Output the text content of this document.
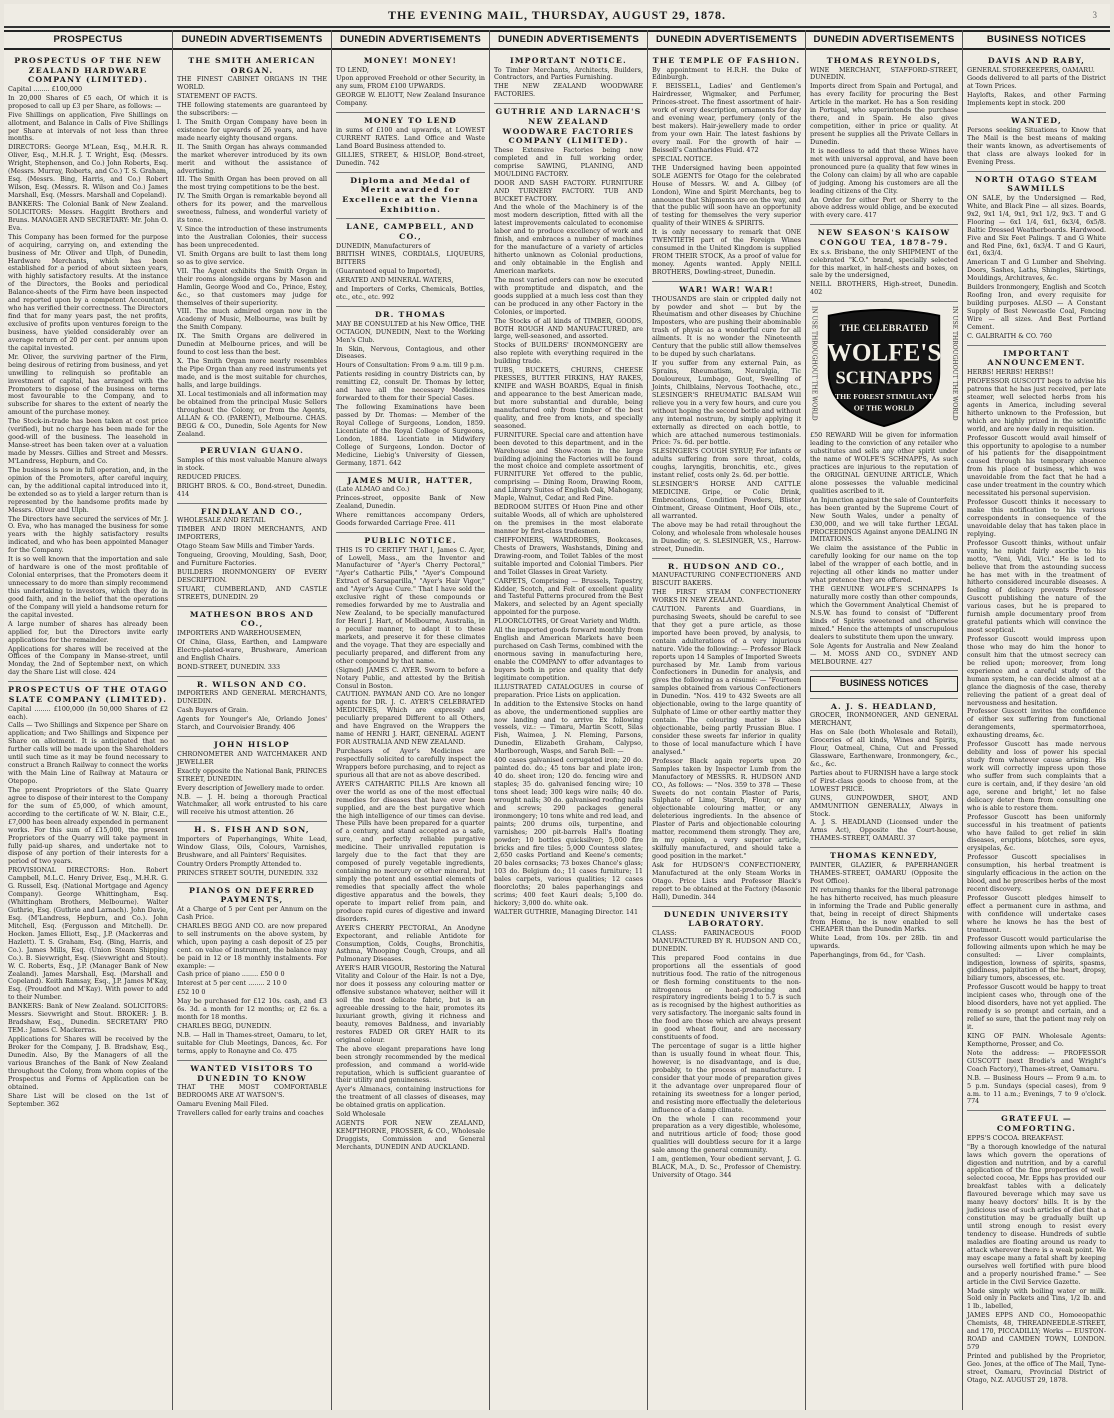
THE EVENING MAIL, THURSDAY, AUGUST 29, 1878.	3
PROSPECTUS
PROSPECTUS OF THE NEW ZEALAND HARDWARE COMPANY (LIMITED).
Capital ........ £100,000
In 20,000 Shares of £5 each, Of which it is proposed to call up £3 per Share, as follows: —
Five Shillings on application, Five Shillings on allotment, and Balance in Calls of Five Shillings per Share at intervals of not less than three months.
DIRECTORS: George M'Lean, Esq., M.H.R. R. Oliver, Esq., M.H.R. J. T. Wright, Esq. (Messrs. Wright, Stephenson, and Co.) John Roberts, Esq. (Messrs. Murray, Roberts, and Co.) T. S. Graham, Esq. (Messrs. Bing, Harris, and Co.) Robert Wilson, Esq. (Messrs. R. Wilson and Co.) James Marshall, Esq. (Messrs. Marshall and Copeland).
BANKERS: The Colonial Bank of New Zealand. SOLICITORS: Messrs. Haggitt Brothers and Bruns. MANAGER AND SECRETARY: Mr. John O. Eva.
This Company has been formed for the purpose of acquiring, carrying on, and extending the business of Mr. Oliver and Ulph, of Dunedin, Hardware Merchants, which has been established for a period of about sixteen years, with highly satisfactory results. At the instance of the Directors, the Books and periodical Balance-sheets of the Firm have been inspected and reported upon by a competent Accountant, who has verified their correctness. The Directors find that for many years past, the net profits, exclusive of profits upon ventures foreign to the business, have yielded considerably over an average return of 20 per cent. per annum upon the capital invested.
Mr. Oliver, the surviving partner of the Firm, being desirous of retiring from business, and yet unwilling to relinquish so profitable an investment of capital, has arranged with the Promoters to dispose of the business on terms most favourable to the Company, and to subscribe for shares to the extent of nearly the amount of the purchase money.
The Stock-in-trade has been taken at cost price (verified), but no charge has been made for the good-will of the business. The leasehold in Manse-street has been taken over at a valuation made by Messrs. Gillies and Street and Messrs. M'Landress, Hepburn, and Co.
The business is now in full operation, and, in the opinion of the Promoters, after careful inquiry, can, by the additional capital introduced into it, be extended so as to yield a larger return than is represented by the handsome profits made by Messrs. Oliver and Ulph.
The Directors have secured the services of Mr. J. O. Eva, who has managed the business for some years with the highly satisfactory results indicated, and who has been appointed Manager for the Company.
It is so well known that the importation and sale of hardware is one of the most profitable of Colonial enterprises, that the Promoters deem it unnecessary to do more than simply recommend this undertaking to investors, which they do in good faith, and in the belief that the operations of the Company will yield a handsome return for the capital invested.
A large number of shares has already been applied for, but the Directors invite early applications for the remainder.
Applications for shares will be received at the Offices of the Company in Manse-street, until Monday, the 2nd of September next, on which day the Share List will close. 424
PROSPECTUS OF THE OTAGO SLATE COMPANY (LIMITED).
Capital ........ £100,000 (In 50,000 Shares of £2 each).
Calls — Two Shillings and Sixpence per Share on application; and Two Shillings and Sixpence per Share on allotment. It is anticipated that no further calls will be made upon the Shareholders until such time as it may be found necessary to construct a Branch Railway to connect the works with the Main Line of Railway at Mataura or Otepopo.
The present Proprietors of the Slate Quarry agree to dispose of their interest to the Company for the sum of £5,000, of which amount, according to the certificate of W. N. Blair, C.E., £7,000 has been already expended in permanent works. For this sum of £15,000, the present Proprietors of the Quarry will take payment in fully paid-up shares, and undertake not to dispose of any portion of their interests for a period of two years.
PROVISIONAL DIRECTORS: Hon. Robert Campbell, M.L.C. Henry Driver, Esq., M.H.R. G. G. Russell, Esq. (National Mortgage and Agency Company). George Whittingham, Esq. (Whittingham Brothers, Melbourne). Walter Guthrie, Esq. (Guthrie and Larnach). John Davie, Esq. (M'Landress, Hepburn, and Co.). John Mitchell, Esq. (Fergusson and Mitchell). Dr. Hocken. James Elliott, Esq., J.P. (Mackerras and Hazlett). T. S. Graham, Esq. (Bing, Harris, and Co.). James Mills, Esq. (Union Steam Shipping Co.). B. Sievwright, Esq. (Sievwright and Stout). W. C. Roberts, Esq., J.P. (Manager Bank of New Zealand). James Marshall, Esq. (Marshall and Copeland). Keith Ramsay, Esq., J.P. James M'Kay, Esq. (Proudfoot and M'Kay). With power to add to their Number.
BANKERS: Bank of New Zealand. SOLICITORS: Messrs. Sievwright and Stout. BROKER: J. B. Bradshaw, Esq., Dunedin. SECRETARY PRO TEM.: James C. Mackerras.
Applications for Shares will be received by the Broker for the Company, J. B. Bradshaw, Esq., Dunedin. Also, By the Managers of all the various Branches of the Bank of New Zealand throughout the Colony, from whom copies of the Prospectus and Forms of Application can be obtained.
Share List will be closed on the 1st of September. 362
DUNEDIN ADVERTISEMENTS
THE SMITH AMERICAN ORGAN.
THE FINEST CABINET ORGANS IN THE WORLD.
STATEMENT OF FACTS.
THE following statements are guaranteed by the subscribers: —
I. The Smith Organ Company have been in existence for upwards of 26 years, and have made nearly eighty thousand organs.
II. The Smith Organ has always commanded the market wherever introduced by its own merit and without the assistance of advertising.
III. The Smith Organ has been proved on all the most trying competitions to be the best.
IV. The Smith Organ is remarkable beyond all others for its power, and the marvellous sweetness, fulness, and wonderful variety of its tone.
V. Since the introduction of these instruments into the Australian Colonies, their success has been unprecedented.
VI. Smith Organs are built to last them long so as to give service.
VII. The Agent exhibits the Smith Organ in their rooms alongside organs by Mason and Hamlin, George Wood and Co., Prince, Estey, &c., so that customers may judge for themselves of their superiority.
VIII. The much admired organ now in the Academy of Music, Melbourne, was built by the Smith Company.
IX. The Smith Organs are delivered in Dunedin at Melbourne prices, and will be found to cost less than the best.
X. The Smith Organ more nearly resembles the Pipe Organ than any reed instruments yet made, and is the most suitable for churches, halls, and large buildings.
XI. Local testimonials and all information may be obtained from the principal Music Sellers throughout the Colony, or from the Agents, ALLAN & CO. (PARENT), Melbourne. CHAS. BEGG & CO., Dunedin, Sole Agents for New Zealand.
PERUVIAN GUANO.
Samples of this most valuable Manure always in stock.
REDUCED PRICES.
BRIGHT BROS. & CO., Bond-street, Dunedin. 414
FINDLAY AND CO.,
WHOLESALE AND RETAIL
TIMBER AND IRON MERCHANTS, AND IMPORTERS,
Otago Steam Saw Mills and Timber Yards.
Tongueing, Grooving, Moulding, Sash, Door, and Furniture Factories.
BUILDERS IRONMONGERY OF EVERY DESCRIPTION.
STUART, CUMBERLAND, AND CASTLE STREETS, DUNEDIN. 29
MATHESON BROS AND CO.,
IMPORTERS AND WAREHOUSEMEN,
Of China, Glass, Earthen, and Lampware Electro-plated-ware, Brushware, American and English Chairs.
BOND-STREET, DUNEDIN. 333
R. WILSON AND CO.
IMPORTERS AND GENERAL MERCHANTS, DUNEDIN.
Cash Buyers of Grain.
Agents for Younger's Ale, Orlando Jones' Starch, and Courvoisier Brandy. 406
JOHN HISLOP
CHRONOMETER AND WATCHMAKER AND JEWELLER
Exactly opposite the National Bank, PRINCES STREET, DUNEDIN.
Every description of Jewellery made to order.
N.B. — J. H. being a thorough Practical Watchmaker, all work entrusted to his care will receive his utmost attention. 26
H. S. FISH AND SON,
Importers of Paperhangings, White Lead, Window Glass, Oils, Colours, Varnishes, Brushware, and all Painters' Requisites.
Country Orders Promptly Attended to.
PRINCES STREET SOUTH, DUNEDIN. 332
PIANOS ON DEFERRED PAYMENTS,
At a Charge of 5 per Cent per Annum on the Cash Price.
CHARLES BEGG AND CO. are now prepared to sell instruments on the above system, by which, upon paying a cash deposit of 25 per cent. on value of instrument, the balance may be paid in 12 or 18 monthly instalments. For example: —
Cash price of piano ........ £50 0 0
Interest at 5 per cent ........ 2 10 0
£52 10 0
May be purchased for £12 10s. cash, and £3 6s. 3d. a month for 12 months; or, £2 6s. a month for 18 months.
CHARLES BEGG, DUNEDIN.
N.B. — Hall in Thames-street, Oamaru, to let, suitable for Club Meetings, Dances, &c. For terms, apply to Ronayne and Co. 475
WANTED VISITORS TO DUNEDIN TO KNOW
THAT THE MOST COMFORTABLE BEDROOMS ARE AT WATSON'S.
Oamaru Evening Mail Filed.
Travellers called for early trains and coaches
DUNEDIN ADVERTISEMENTS
MONEY! MONEY!
TO LEND,
Upon approved Freehold or other Security, in any sum, FROM £100 UPWARDS.
GEORGE W. ELIOTT, New Zealand Insurance Company.
MONEY TO LEND
in sums of £100 and upwards, at LOWEST CURRENT RATES. Land Office and Waste Land Board Business attended to.
GILLIES, STREET, & HISLOP, Bond-street, Dunedin. 742
Diploma and Medal of Merit awarded for Excellence at the Vienna Exhibition.
LANE, CAMPBELL, AND CO.,
DUNEDIN, Manufacturers of
BRITISH WINES, CORDIALS, LIQUEURS, BITTERS
(Guaranteed equal to Imported),
AERATED AND MINERAL WATERS,
and Importers of Corks, Chemicals, Bottles, etc., etc., etc. 992
DR. THOMAS
MAY BE CONSULTED at his New Office, THE OCTAGON, DUNEDIN, Next to the Working Men's Club.
In Skin, Nervous, Contagious, and other Diseases.
Hours of Consultation: From 9 a.m. till 9 p.m.
Patients residing in country Districts can, by remitting £2, consult Dr. Thomas by letter, and have all the necessary Medicines forwarded to them for their Special Cases.
The following Examinations have been passed by Dr. Thomas: — Member of the Royal College of Surgeons, London, 1859. Licentiate of the Royal College of Surgeons, London, 1884. Licentiate in Midwifery College of Surgeons, London. Doctor of Medicine, Liebig's University of Giessen, Germany, 1871. 642
JAMES MUIR, HATTER,
(Late ALMAO and Co.)
Princes-street, opposite Bank of New Zealand, Dunedin.
Where remittances accompany Orders, Goods forwarded Carriage Free. 411
PUBLIC NOTICE.
THIS IS TO CERTIFY THAT I, James C. Ayer, of Lowell, Mass., am the Inventor and Manufacturer of "Ayer's Cherry Pectoral," "Ayer's Cathartic Pills," "Ayer's Compound Extract of Sarsaparilla," "Ayer's Hair Vigor," and "Ayer's Ague Cure." That I have sold the exclusive right of these compounds or remedies forwarded by me to Australia and New Zealand, to be specially manufactured for Henri J. Hart, of Melbourne, Australia, in a peculiar manner, to adapt it to these markets, and preserve it for these climates and the voyage. That they are especially and peculiarly prepared, and different from any other compound by that name.
(Signed) JAMES C. AYER. Sworn to before a Notary Public, and attested by the British Consul in Boston.
CAUTION. PAYMAN AND CO. Are no longer agents for DR. J. C. AYER'S CELEBRATED MEDICINES, Which are expressly and peculiarly prepared Different to all Others, and have Engraved on the Wrappers the name of HENRI J. HART, GENERAL AGENT FOR AUSTRALIA AND NEW ZEALAND.
Purchasers of Ayer's Medicines are respectfully solicited to carefully inspect the Wrappers before purchasing, and to reject as spurious all that are not as above described.
AYER'S CATHARTIC PILLS Are known all over the world as one of the most effectual remedies for diseases that have ever been supplied, and are the best purgative which the high intelligence of our times can devise. These Pills have been prepared for a quarter of a century, and stand accepted as a safe, sure, and perfectly reliable purgative medicine. Their unrivalled reputation is largely due to the fact that they are composed of purely vegetable ingredients, containing no mercury or other mineral, but simply the potent and essential elements of remedies that specially affect the whole digestive apparatus and the bowels, they operate to impart relief from pain, and produce rapid cures of digestive and inward disorders.
AYER'S CHERRY PECTORAL, An Anodyne Expectorant, and reliable Antidote for Consumption, Colds, Coughs, Bronchitis, Asthma, Whooping Cough, Croups, and all Pulmonary Diseases.
AYER'S HAIR VIGOUR, Restoring the Natural Vitality and Colour of the Hair. Is not a Dye, nor does it possess any colouring matter or offensive substance whatever, neither will it soil the most delicate fabric, but is an agreeable dressing to the hair, promotes its luxuriant growth, giving it richness and beauty, removes Baldness, and invariably restores FADED OR GREY HAIR to its original colour.
The above elegant preparations have long been strongly recommended by the medical profession, and command a world-wide reputation, which is sufficient guarantee of their utility and genuineness.
Ayer's Almanacs, containing instructions for the treatment of all classes of diseases, may be obtained gratis on application.
Sold Wholesale
AGENTS FOR NEW ZEALAND, KEMPTHORNE, PROSSER, & CO., Wholesale Druggists, Commission and General Merchants, DUNEDIN AND AUCKLAND.
DUNEDIN ADVERTISEMENTS
IMPORTANT NOTICE.
To Timber Merchants, Architects, Builders, Contractors, and Parties Furnishing.
THE NEW ZEALAND WOODWARE FACTORIES.
GUTHRIE AND LARNACH'S NEW ZEALAND WOODWARE FACTORIES COMPANY (LIMITED).
These Extensive Factories being now completed and in full working order, comprise SAWING, PLANING, AND MOULDING FACTORY.
DOOR AND SASH FACTORY. FURNITURE AND TURNERY FACTORY. TUB AND BUCKET FACTORY.
And the whole of the Machinery is of the most modern description, fitted with all the latest improvements calculated to economise labor and to produce excellency of work and finish, and embraces a number of machines for the manufacture of a variety of articles hitherto unknown as Colonial productions, and only obtainable in the English and American markets.
The most varied orders can now be executed with promptitude and dispatch, and the goods supplied at a much less cost than they can be produced in any other Factory in the Colonies, or imported.
The Stocks of all kinds of TIMBER, GOODS, BOTH ROUGH AND MANUFACTURED, are large, well-seasoned, and assorted.
Stocks of BUILDERS' IRONMONGERY are also replete with everything required in the building trade.
TUBS, BUCKETS, CHURNS, CHEESE PRESSES, BUTTER FIRKINS, HAY RAKES, KNIFE and WASH BOARDS, Equal in finish and appearance to the best American made, but more substantial and durable, being manufactured only from timber of the best quality, and free from knots, and specially seasoned.
FURNITURE. Special care and attention have been devoted to this department, and in the Warehouse and Show-room in the large building adjoining the Factories will be found the most choice and complete assortment of FURNITURE Yet offered to the public, comprising — Dining Room, Drawing Room, and Library Suites of English Oak, Mahogany, Maple, Walnut, Cedar, and Red Pine.
BEDROOM SUITES Of Huon Pine and other suitable Woods, all of which are upholstered on the premises in the most elaborate manner by first-class tradesmen.
CHIFFONIERS, WARDROBES, Bookcases, Chests of Drawers, Washstands, Dining and Drawing-room, and Toilet Tables of the most suitable imported and Colonial Timbers. Pier and Toilet Glasses in Great Variety.
CARPETS, Comprising — Brussels, Tapestry, Kidder, Scotch, and Felt of excellent quality and Tasteful Patterns procured from the Best Makers, and selected by an Agent specially appointed for the purpose.
FLOORCLOTHS, Of Great Variety and Width.
All the imported goods forward monthly from English and American Markets have been purchased on Cash Terms, combined with the enormous saving in manufacturing here, enable the COMPANY to offer advantages to buyers both in price and quality that defy legitimate competition.
ILLUSTRATED CATALOGUES in course of preparation. Price Lists on application.
In addition to the Extensive Stocks on hand as above, the undermentioned supplies are now landing and to arrive Ex following vessels, viz.: — Timaru, Martin Scott, Silas Fish, Waimea, J. N. Fleming, Parsons, Dunedin, Elizabeth Graham, Calypso, Marlborough, Wasps, and Sarah Bell: —
400 cases galvanised corrugated iron; 20 do. painted do. do.; 45 tons bar and plate iron; 40 do. sheet iron; 120 do. fencing wire and staples; 35 do. galvanised fencing wire; 10 tons sheet lead; 300 kegs wire nails; 40 do. wrought nails; 30 do. galvanised roofing nails and screws; 290 packages general ironmongery; 10 tons white and red lead, and paints; 200 drums oils, turpentine, and varnishes; 200 pit-barrels Hall's floating powder; 10 bottles quicksilver; 5,000 fire bricks and fire tiles; 5,000 Countess slates; 2,650 casks Portland and Keene's cements; 20 bales cornsacks; 73 boxes Chance's glass; 103 do. Belgium do.; 11 cases furniture; 11 bales carpets, various qualities; 12 cases floorcloths; 20 bales paperhangings and scrims; 400 feet Kauri deals; 5,100 do. hickory; 3,000 do. white oak.
WALTER GUTHRIE, Managing Director. 141
DUNEDIN ADVERTISEMENTS
THE TEMPLE OF FASHION.
By appointment to H.R.H. the Duke of Edinburgh.
F. BEISSELL, Ladies' and Gentlemen's Hairdresser, Wigmaker, and Perfumer, Princes-street. The finest assortment of hair-work of every description, ornaments for day and evening wear, perfumery (only of the best makers). Hair-jewellery made to order from your own Hair. The latest fashions by every mail. For the growth of hair — Beissell's Cantharides Fluid. 472
SPECIAL NOTICE.
THE Undersigned having been appointed SOLE AGENTS for Otago for the celebrated House of Messrs. W. and A. Gilbey (of London), Wine and Spirit Merchants, beg to announce that Shipments are on the way, and that the public will soon have an opportunity of testing for themselves the very superior quality of their WINES & SPIRITS.
It is only necessary to remark that ONE TWENTIETH part of the Foreign Wines consumed in the United Kingdom is supplied FROM THEIR STOCK, As a proof of value for money. Agents wanted. Apply NEILL BROTHERS, Dowling-street, Dunedin.
WAR! WAR! WAR!
THOUSANDS are slain or crippled daily not by powder and shot — but by the Rheumatism and other diseases by Chuchine Imposters, who are pushing their abominable trash of physic as a wonderful cure for all ailments. It is no wonder the Nineteenth Century that the public still allow themselves to be duped by such charlatans.
If you suffer from any external Pain, as Sprains, Rheumatism, Neuralgia, Tic Douloureux, Lumbago, Gout, Swelling of Joints, Chilblains, Nervous Toothache, etc., SLESINGER'S RHEUMATIC BALSAM Will relieve you in a very few hours, and cure you without hoping the second bottle and without any internal nostrum, by simply applying it externally as directed on each bottle, to which are attached numerous testimonials. Price: 7s. 6d. per bottle.
SLESINGER'S COUGH SYRUP, For infants or adults suffering from sore throat, colds, coughs, laryngitis, bronchitis, etc., gives instant relief, costs only 2s. 6d. per bottle.
SLESINGER'S HORSE AND CATTLE MEDICINE. Gripe, or Colic Drink, Embrocations, Condition Powders, Blister Ointment, Grease Ointment, Hoof Oils, etc., all warranted.
The above may be had retail throughout the Colony, and wholesale from wholesale houses in Dunedin; or, S. SLESINGER, V.S., Harrow-street, Dunedin.
R. HUDSON AND CO.,
MANUFACTURING CONFECTIONERS AND BISCUIT BAKERS.
THE FIRST STEAM CONFECTIONERY WORKS IN NEW ZEALAND.
CAUTION. Parents and Guardians, in purchasing Sweets, should be careful to see that they get a pure article, as those imported have been proved, by analysis, to contain adulterations of a very injurious nature. Vide the following: — Professor Black reports upon 14 Samples of Imported Sweets purchased by Mr. Lamb from various Confectioners in Dunedin for analysis, and gives the following as a résumé: — "Fourteen samples obtained from various Confectioners in Dunedin. "Nos. 419 to 432 Sweets are all objectionable, owing to the large quantity of Sulphate of Lime or other earthy matter they contain. The colouring matter is also objectionable, being partly Prussian Blue. I consider these sweets far inferior in quality to those of local manufacture which I have analysed."
Professor Black again reports upon 20 Samples taken by Inspector Lumb from the Manufactory of MESSRS. R. HUDSON AND CO., As follows: — "Nos. 359 to 378 — These Sweets do not contain Plaster of Paris, Sulphate of Lime, Starch, Flour, or any objectionable colouring matter, or any deleterious ingredients. In the absence of Plaster of Paris and objectionable colouring matter, recommend them strongly. They are, in my opinion, a very superior article, skilfully manufactured, and should take a good position in the market."
Ask for HUDSON'S CONFECTIONERY, Manufactured at the only Steam Works in Otago. Price Lists and Professor Black's report to be obtained at the Factory (Masonic Hall), Dunedin. 344
DUNEDIN UNIVERSITY LABORATORY.
CLASS: FARINACEOUS FOOD MANUFACTURED BY R. HUDSON AND CO., DUNEDIN.
This prepared Food contains in due proportions all the essentials of good nutritious food. The ratio of the nitrogenous or flesh forming constituents to the non-nitrogenous or heat-producing and respiratory ingredients being 1 to 5.7 is such as is recognised by the highest authorities as very satisfactory. The inorganic salts found in the food are those which are always present in good wheat flour, and are necessary constituents of food.
The percentage of sugar is a little higher than is usually found in wheat flour. This, however, is no disadvantage, and is due, probably, to the process of manufacture. I consider that your mode of preparation gives it the advantage over unprepared flour of retaining its sweetness for a longer period, and resisting more effectually the deleterious influence of a damp climate.
On the whole I can recommend your preparation as a very digestible, wholesome, and nutritious article of food; those good qualities will doubtless secure for it a large sale among the general community.
I am, gentlemen, Your obedient servant, J. G. BLACK, M.A., D. Sc., Professor of Chemistry. University of Otago. 344
DUNEDIN ADVERTISEMENTS
THOMAS REYNOLDS,
WINE MERCHANT, STAFFORD-STREET, DUNEDIN.
Imports direct from Spain and Portugal, and has every facility for procuring the Best Article in the market. He has a Son residing in Portugal, who superintends the purchase there, and in Spain. He also gives competition, either in price or quality. At present he supplies all the Private Cellars in Dunedin.
It is needless to add that these Wines have met with universal approval, and have been pronounced pure (a quality that few wines in the Colony can claim) by all who are capable of judging. Among his customers are all the leading citizens of the City.
An Order for either Port or Sherry to the above address would oblige, and be executed with every care. 417
NEW SEASON'S KAISOW CONGOU TEA, 1878-79.
Ex s.s. Brisbane, the only SHIPMENT of the celebrated "K.O." brand, specially selected for this market, in half-chests and boxes, on sale by the undersigned,
NEILL BROTHERS, High-street, Dunedin. 402
THE CELEBRATED
WOLFE'S
SCHNAPPS
THE FOREST STIMULANT
OF THE WORLD
IN USE THROUGHOUT THE WORLD	IN USE THROUGHOUT THE WORLD
£50 REWARD Will be given for information leading to the conviction of any retailer who substitutes and sells any other spirit under the name of WOLFE'S SCHNAPPS, As such practices are injurious to the reputation of the ORIGINAL GENUINE ARTICLE, Which alone possesses the valuable medicinal qualities ascribed to it.
An Injunction against the sale of Counterfeits has been granted by the Supreme Court of New South Wales, under a penalty of £30,000, and we will take further LEGAL PROCEEDINGS Against anyone DEALING IN IMITATIONS.
We claim the assistance of the Public in carefully looking for our name on the top label of the wrapper of each bottle, and in rejecting all other kinds no matter under what pretence they are offered.
THE GENUINE WOLFE'S SCHNAPPS Is naturally more costly than other compounds, which the Government Analytical Chemist of N.S.W. has found to consist of "Different kinds of Spirits sweetened and otherwise mixed." Hence the attempts of unscrupulous dealers to substitute them upon the unwary.
Sole Agents for Australia and New Zealand — M. MOSS AND CO., SYDNEY AND MELBOURNE. 427
BUSINESS NOTICES
A. J. S. HEADLAND,
GROCER, IRONMONGER, AND GENERAL MERCHANT,
Has on Sale (both Wholesale and Retail), Groceries of all kinds, Wines and Spirits, Flour, Oatmeal, China, Cut and Pressed Glassware, Earthenware, Ironmongery, &c., &c., &c.
Parties about to FURNISH have a large stock of First-class goods to choose from, at the LOWEST PRICE.
GUNS, GUNPOWDER, SHOT, AND AMMUNITION GENERALLY, Always in Stock.
A. J. S. HEADLAND (Licensed under the Arms Act), Opposite the Court-house, THAMES-STREET, OAMARU. 37
THOMAS KENNEDY,
PAINTER, GLAZIER, & PAPERHANGER THAMES-STREET, OAMARU (Opposite the Post Office).
IN returning thanks for the liberal patronage he has hitherto received, has much pleasure in informing the Trade and Public generally that, being in receipt of direct Shipments from Home, he is now enabled to sell CHEAPER than the Dunedin Marks.
White Lead, from 10s. per 28lb. tin and upwards.
Paperhangings, from 6d., for 'Cash.
BUSINESS NOTICES
DAVIS AND RABY,
GENERAL STOREKEEPERS, OAMARU.
Goods delivered to all parts of the District at Town Prices.
Haylofts, Rakes, and other Farming Implements kept in stock. 200
WANTED,
Persons seeking Situations to Know that The Mail is the best means of making their wants known, as advertisements of that class are always looked for in Evening Press.
NORTH OTAGO STEAM SAWMILLS
ON SALE, by the Undersigned — Red, White, and Black Pine — all sizes. Boards, 9x2, 9x1 1/4, 9x1, 9x1 1/2, 9x3. T and G Flooring — 6x1 1/4, 6x1, 6x3/4, 6x5/8. Baltic Dressed Weatherboards. Hardwood. Five and Six Feet Palings. T and G White and Red Pine, 6x1, 6x3/4. T and G Kauri, 6x1, 6x3/4.
American T and G Lumber and Shelving. Doors, Sashes, Laths, Shingles, Skirtings, Mouldings, Architraves, &c.
Builders Ironmongery, English and Scotch Roofing Iron, and every requisite for building purposes. ALSO — A Constant Supply of Best Newcastle Coal, Fencing Wire — all sizes. And Best Portland Cement.
C. GALBRAITH & CO. 760
IMPORTANT ANNOUNCEMENT.
HERBS! HERBS! HERBS!!
PROFESSOR GUSCOTT begs to advise his patrons that he has just received, per late steamer, well selected herbs from his agents in America, including several hitherto unknown to the Profession, but which are highly prized in the scientific world, and are now daily in requisition.
Professor Guscott would avail himself of this opportunity to apologise to a number of his patients for the disappointment caused through his temporary absence from his place of business, which was unavoidable from the fact that he had a case under treatment in the country which necessitated his personal supervision.
Professor Guscott thinks it necessary to make this notification to his various correspondents in consequence of the unavoidable delay that has taken place in replying.
Professor Guscott thinks, without unfair vanity, he might fairly ascribe to his motto, "Veni, Vidi, Vici." He is led to believe that from the astounding success he has met with in the treatment of hitherto considered incurable diseases. A feeling of delicacy prevents Professor Guscott publishing the nature of the various cases, but he is prepared to furnish ample documentary proof from grateful patients which will convince the most sceptical.
Professor Guscott would impress upon those who may do him the honor to consult him that the utmost secrecy can be relied upon; moreover, from long experience and a careful study of the human system, he can decide almost at a glance the diagnosis of the case, thereby relieving the patient of a great deal of nervousness and hesitation.
Professor Guscott invites the confidence of either sex suffering from functional derangements, spermatorrhoea, exhausting dreams, &c.
Professor Guscott has made nervous debility and loss of power his special study from whatever cause arising. His work will correctly impress upon those who suffer from such complaints that a cure is certain, and, if they desire 'an old age, serene and bright,' let no false delicacy deter them from consulting one who is able to restore them.
Professor Guscott has been uniformly successful in his treatment of patients who have failed to get relief in skin diseases, eruptions, blotches, sore eyes, erysipelas, &c.
Professor Guscott specialises in consumption, his herbal treatment is singularly efficacious in the action on the blood, and he prescribes herbs of the most recent discovery.
Professor Guscott pledges himself to effect a permanent cure in asthma, and with confidence will undertake cases where he knows he has the best of treatment.
Professor Guscott would particularise the following ailments upon which he may be consulted: — Liver complaints, indigestion, lowness of spirits, spasms, giddiness, palpitation of the heart, dropsy, biliary tumors, abscesses, etc.
Professor Guscott would be happy to treat incipient cases who, through one of the blood disorders, have not yet applied. The remedy is so prompt and certain, and a relief so sure, that the patient may rely on it.
KING OF PAIN. Wholesale Agents: Kempthorne, Prosser, and Co.
Note the address: — PROFESSOR GUSCOTT (next Brodie's and Wright's Coach Factory), Thames-street, Oamaru.
N.B. — Business Hours — From 9 a.m. to 5 p.m. Sundays (special cases), from 9 a.m. to 11 a.m.; Evenings, 7 to 9 o'clock. 774
GRATEFUL — COMFORTING.
EPPS'S COCOA. BREAKFAST.
"By a thorough knowledge of the natural laws which govern the operations of digestion and nutrition, and by a careful application of the fine properties of well-selected cocoa, Mr. Epps has provided our breakfast tables with a delicately flavoured beverage which may save us many heavy doctors' bills. It is by the judicious use of such articles of diet that a constitution may be gradually built up until strong enough to resist every tendency to disease. Hundreds of subtle maladies are floating around us ready to attack wherever there is a weak point. We may escape many a fatal shaft by keeping ourselves well fortified with pure blood and a properly nourished frame." — See article in the Civil Service Gazette.
Made simply with boiling water or milk. Sold only in Packets and Tins, 1/2 lb. and 1 lb., labelled,
JAMES EPPS AND CO., Homoeopathic Chemists, 48, THREADNEEDLE-STREET, and 170, PICCADILLY; Works — EUSTON-ROAD and CAMDEN TOWN, LONDON. 579
Printed and published by the Proprietor, Geo. Jones, at the office of The Mail, Tyne-street, Oamaru, Provincial District of Otago, N.Z. AUGUST 29, 1878.
